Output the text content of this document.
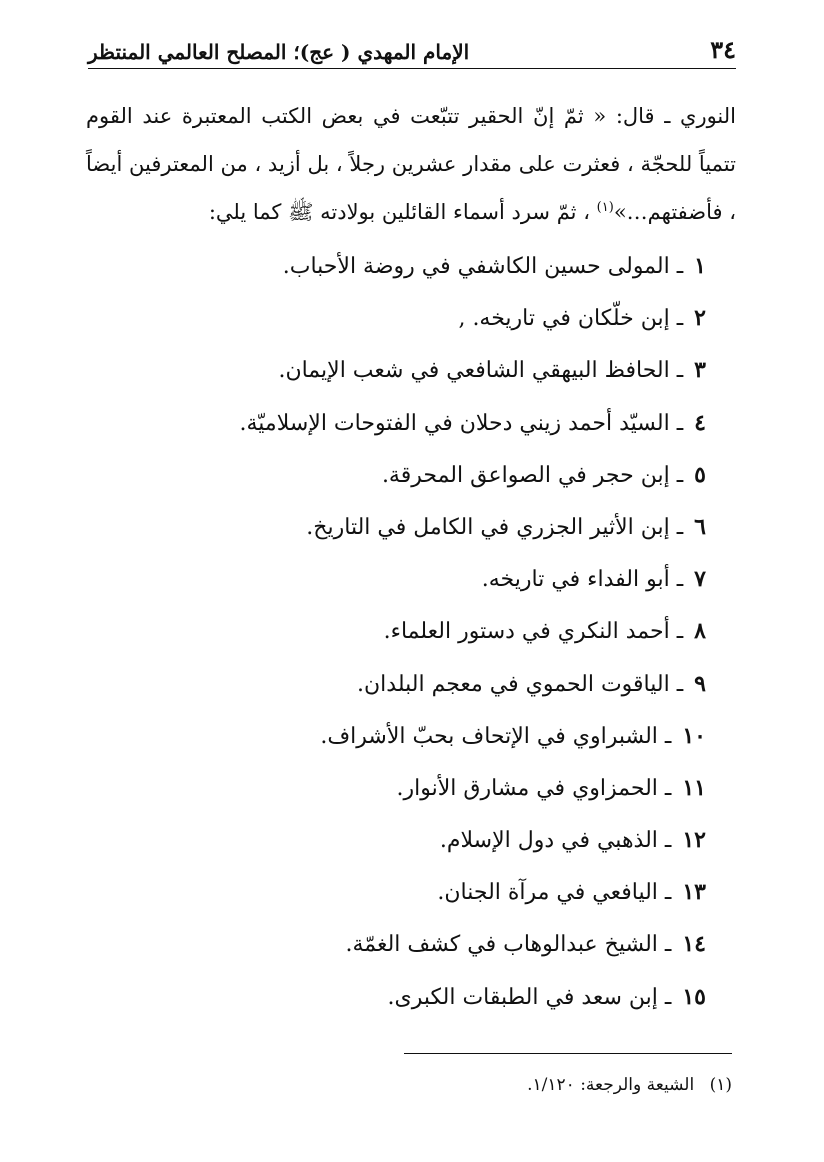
٣٤
الإمام المهدي ( عج)؛ المصلح العالمي المنتظر

النوري ـ قال: « ثمّ إنّ الحقير تتبّعت في بعض الكتب المعتبرة عند القوم تتمياً للحجّة ، فعثرت على مقدار عشرين رجلاً ، بل أزيد ، من المعترفين أيضاً ، فأضفتهم…»$^{(١)}$ ، ثمّ سرد أسماء القائلين بولادته ﷺ كما يلي:

١ ـ المولى حسين الكاشفي في روضة الأحباب.
٢ ـ إبن خلّكان في تاريخه. ,
٣ ـ الحافظ البيهقي الشافعي في شعب الإيمان.
٤ ـ السيّد أحمد زيني دحلان في الفتوحات الإسلاميّة.
٥ ـ إبن حجر في الصواعق المحرقة.
٦ ـ إبن الأثير الجزري في الكامل في التاريخ.
٧ ـ أبو الفداء في تاريخه.
٨ ـ أحمد النكري في دستور العلماء.
٩ ـ الياقوت الحموي في معجم البلدان.
١٠ ـ الشبراوي في الإتحاف بحبّ الأشراف.
١١ ـ الحمزاوي في مشارق الأنوار.
١٢ ـ الذهبي في دول الإسلام.
١٣ ـ اليافعي في مرآة الجنان.
١٤ ـ الشيخ عبدالوهاب في كشف الغمّة.
١٥ ـ إبن سعد في الطبقات الكبرى.
(١) الشيعة والرجعة: ١/١٢٠.
